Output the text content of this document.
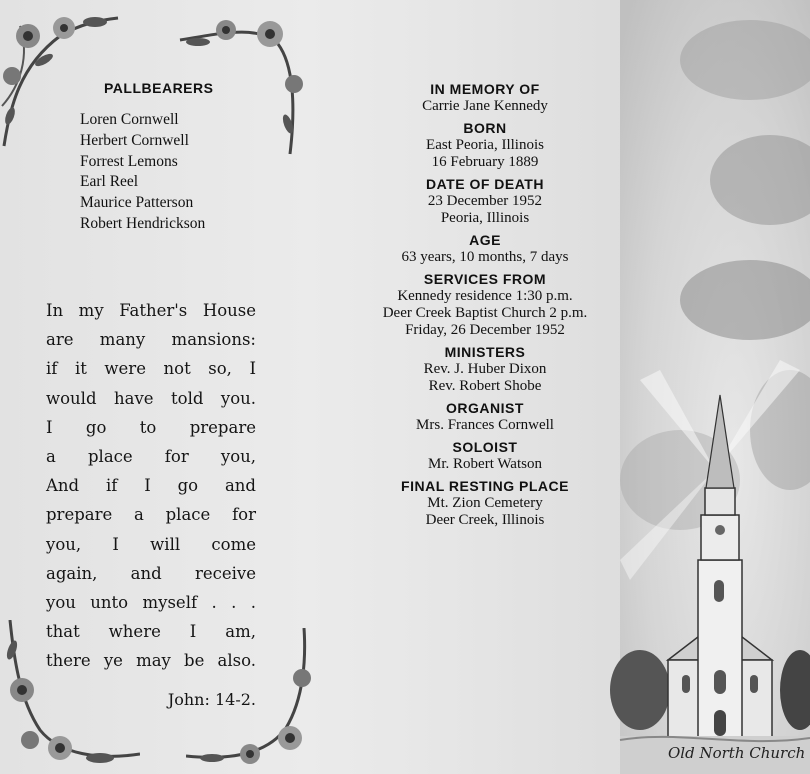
PALLBEARERS
Loren Cornwell
Herbert Cornwell
Forrest Lemons
Earl Reel
Maurice Patterson
Robert Hendrickson
In my Father's House
are many mansions:
if it were not so, I
would have told you.
I go to prepare
a place for you,
And if I go and
prepare a place for
you, I will come
again, and receive
you unto myself . . .
that where I am,
there ye may be also.
John: 14-2.
IN MEMORY OF
Carrie Jane Kennedy
BORN
East Peoria, Illinois
16 February 1889
DATE OF DEATH
23 December 1952
Peoria, Illinois
AGE
63 years, 10 months, 7 days
SERVICES FROM
Kennedy residence 1:30 p.m.
Deer Creek Baptist Church 2 p.m.
Friday, 26 December 1952
MINISTERS
Rev. J. Huber Dixon
Rev. Robert Shobe
ORGANIST
Mrs. Frances Cornwell
SOLOIST
Mr. Robert Watson
FINAL RESTING PLACE
Mt. Zion Cemetery
Deer Creek, Illinois
Old North Church
